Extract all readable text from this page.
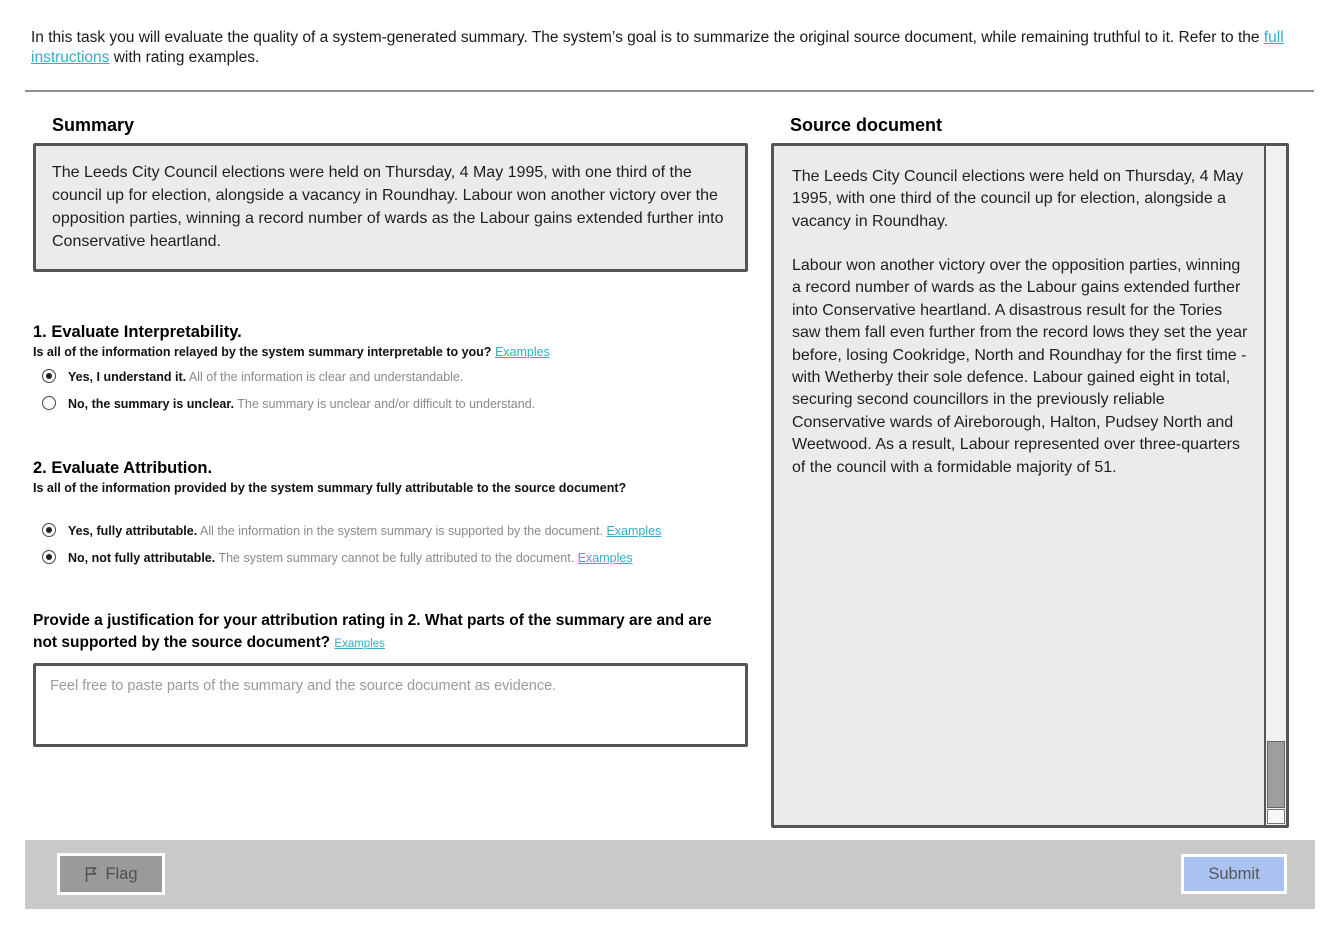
In this task you will evaluate the quality of a system-generated summary. The system’s goal is to summarize the original source document, while remaining truthful to it. Refer to the full instructions with rating examples.
Summary
The Leeds City Council elections were held on Thursday, 4 May 1995, with one third of the council up for election, alongside a vacancy in Roundhay. Labour won another victory over the opposition parties, winning a record number of wards as the Labour gains extended further into Conservative heartland.
1. Evaluate Interpretability.
Is all of the information relayed by the system summary interpretable to you? Examples
Yes, I understand it. All of the information is clear and understandable.
No, the summary is unclear. The summary is unclear and/or difficult to understand.
2. Evaluate Attribution.
Is all of the information provided by the system summary fully attributable to the source document?
Yes, fully attributable. All the information in the system summary is supported by the document. Examples
No, not fully attributable. The system summary cannot be fully attributed to the document. Examples
Provide a justification for your attribution rating in 2. What parts of the summary are and are not supported by the source document? Examples
Feel free to paste parts of the summary and the source document as evidence.
Source document

The Leeds City Council elections were held on Thursday, 4 May 1995, with one third of the council up for election, alongside a vacancy in Roundhay.

Labour won another victory over the opposition parties, winning a record number of wards as the Labour gains extended further into Conservative heartland. A disastrous result for the Tories saw them fall even further from the record lows they set the year before, losing Cookridge, North and Roundhay for the first time - with Wetherby their sole defence. Labour gained eight in total, securing second councillors in the previously reliable Conservative wards of Aireborough, Halton, Pudsey North and Weetwood. As a result, Labour represented over three-quarters of the council with a formidable majority of 51.

Flag	Submit
